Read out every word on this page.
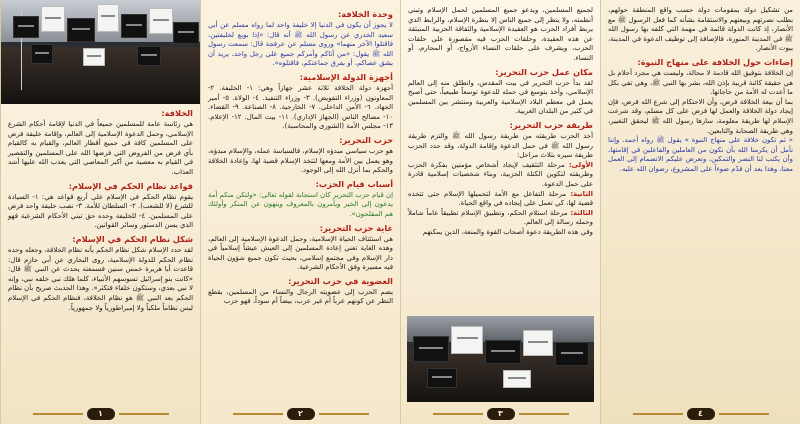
الخلافة:

هي رئاسة عامة للمسلمين جميعاً في الدنيا لإقامة أحكام الشرع الإسلامي، وحمل الدعوة الإسلامية إلى العالم، وإقامة خليفة فرض على المسلمين كافة في جميع أقطار العالم، والقيام به كالقيام بأي فرض من الفروض التي فرضها الله على المسلمين والتقصير في القيام به معصية من أكبر المعاصي التي يعذب الله عليها أشد العذاب.

قواعد نظام الحكم في الإسلام:

يقوم نظام الحكم في الإسلام على أربع قواعد هي: ١- السيادة للشرع (لا للشعب). ٢- السلطان للأمة. ٣- نصب خليفة واحد فرض على المسلمين. ٤- للخليفة وحده حق تبني الأحكام الشرعية فهو الذي يسن الدستور وسائر القوانين.

شكل نظام الحكم في الإسلام:

لقد حدد الإسلام شكل نظام الحكم بأنه نظام الخلافة، وجعله وحده نظام الحكم للدولة الإسلامية، روى البخاري عن أبي حازم قال: قاعدت أبا هريرة خمس سنين فسمعته يحدث عن النبي ﷺ قال: «كانت بنو إسرائيل تسوسهم الأنبياء، كلما هلك نبي خلفه نبي، وإنه لا نبي بعدي، وستكون خلفاء فتكثر». وهذا الحديث صريح بأن نظام الحكم بعد النبي ﷺ هو نظام الخلافة، فنظام الحكم في الإسلام ليس نظاماً ملكياً ولا إمبراطورياً ولا جمهورياً.

١
وحدة الخلافة:

لا يجوز أن يكون في الدنيا إلا خليفة واحد لما رواه مسلم عن أبي سعيد الخدري عن رسول الله ﷺ أنه قال: «إذا بويع لخليفتين، فاقتلوا الآخر منهما» وروى مسلم عن عرفجة قال: سمعت رسول الله ﷺ يقول: «من أتاكم وأمركم جميع على رجل واحد، يريد أن يشق عصاكم، أو يفرق جماعتكم، فاقتلوه».

أجهزة الدولة الإسلامية:

أجهزة دولة الخلافة ثلاثة عشر جهازاً وهي: ١- الخليفة. ٢- المعاونون (وزراء التفويض). ٣- وزراء التنفيذ. ٤- الولاة. ٥- أمير الجهاد. ٦- الأمن الداخلي. ٧- الخارجية. ٨- الصناعة. ٩- القضاء. ١٠- مصالح الناس (الجهاز الإداري). ١١- بيت المال. ١٢- الإعلام. ١٣- مجلس الأمة (الشورى والمحاسبة).

حزب التحرير:

هو حزب سياسي مبدؤه الإسلام، فالسياسة عمله، والإسلام مبدؤه، وهو يعمل بين الأمة ومعها لتتخذ الإسلام قضية لها، وإعادة الخلافة والحكم بما أنزل الله إلى الوجود.

أسباب قيام الحزب:

إن قيام حزب التحرير كان استجابة لقوله تعالى: «ولتكن منكم أمة يدعون إلى الخير ويأمرون بالمعروف وينهون عن المنكر وأولئك هم المفلحون».

غاية حزب التحرير:

هي استئناف الحياة الإسلامية، وحمل الدعوة الإسلامية إلى العالم، وهذه الغاية تعني إعادة المسلمين إلى العيش عيشاً إسلامياً في دار الإسلام وفي مجتمع إسلامي، بحيث تكون جميع شؤون الحياة فيه مسيرة وفق الأحكام الشرعية.

العضوية في حزب التحرير:

يضم الحزب إلى عضويته الرجال والنساء من المسلمين، بقطع النظر عن كونهم عرباً أم غير عرب، بيضاً أم سوداً، فهو حزب

٢

لجميع المسلمين، ويدعو جميع المسلمين لحمل الإسلام وتبني أنظمته، ولا ينظر إلى جميع الناس إلا بنظرة الإسلام، والرابط الذي يربط أفراد الحزب هو العقيدة الإسلامية والثقافة الحزبية المنبثقة عن هذه العقيدة، وحلقات الحزب فيه مقصورة على حلقات الحزب، ويشرف على حلقات النساء الأزواج، أو المحارم، أو النساء.

مكان عمل حزب التحرير:

لقد بدأ حزب التحرير في بيت المقدس، وانطلق منه إلى العالم الإسلامي، وأخذ يتوسع في حمله للدعوة توسعاً طبيعياً، حتى أصبح يعمل في معظم البلاد الإسلامية والعربية ومنتشر بين المسلمين في كثير من البلدان الغربية.

طريقة حزب التحرير:

أخذ الحزب طريقته من طريقة رسول الله ﷺ والتزم طريقة رسول الله ﷺ في حمل الدعوة وإقامة الدولة، وقد حدد الحزب طريقة سيره بثلاث مراحل:

الأولى: مرحلة التثقيف لإيجاد أشخاص مؤمنين بفكرة الحزب وطريقته لتكوين الكتلة الحزبية، وبناء شخصيات إسلامية قادرة على حمل الدعوة.

الثانية: مرحلة التفاعل مع الأمة لتحميلها الإسلام حتى تتخذه قضية لها، كي تعمل على إيجاده في واقع الحياة.

الثالثة: مرحلة استلام الحكم، وتطبيق الإسلام تطبيقاً عاماً شاملاً وحمله رسالة إلى العالم.

وفي هذه الطريقة دعوة أصحاب القوة والمنعة، الذين يمكنهم

٣

من تشكيل دولة بمقومات دولة حسب واقع المنطقة حولهم، بطلب نصرتهم وبيعتهم والاستقامة بشأنه كما فعل الرسول ﷺ مع الأنصار، إذ كانت الدولة قائمة في مهمة التي كلفه بها رسول الله ﷺ في المدينة المنورة، فالإضافة إلى توظيف الدعوة في المدينة، بيوت الأنصار.

إضاءات حول الخلافة على منهاج النبوة:

إن الخلافة بتوفيق الله قادمة لا محالة، وليست هي مجرد أحلام بل هي حقيقة كائنة قريبة بإذن الله، بشر بها النبي ﷺ، وهي تفي بكل ما أعدت له الأمة من حاجاتها.

بما أن بيعة الخلافة فرض، وأن الاحتكام إلى شرع الله فرض، فإن إيجاد دولة الخلافة والعمل لها فرض على كل مسلم، وقد شرعت الإسلام لها طريقة معلومة، سارها رسول الله ﷺ ليحقق التغيير، وهي طريقة الصحابة والتابعين.

« ثم تكون خلافة على منهاج النبوة » يقول ﷺ رواه أحمد. وإننا نأمل أن يكرمنا الله بأن نكون من العاملين والفاعلين في إقامتها، وأن يكتب لنا النصر والتمكين، ونعرض عليكم الانضمام إلى العمل معنا، وهذا بعد أن قدّم ضوءاً على المشروع، رضوان الله عليه.

٤
